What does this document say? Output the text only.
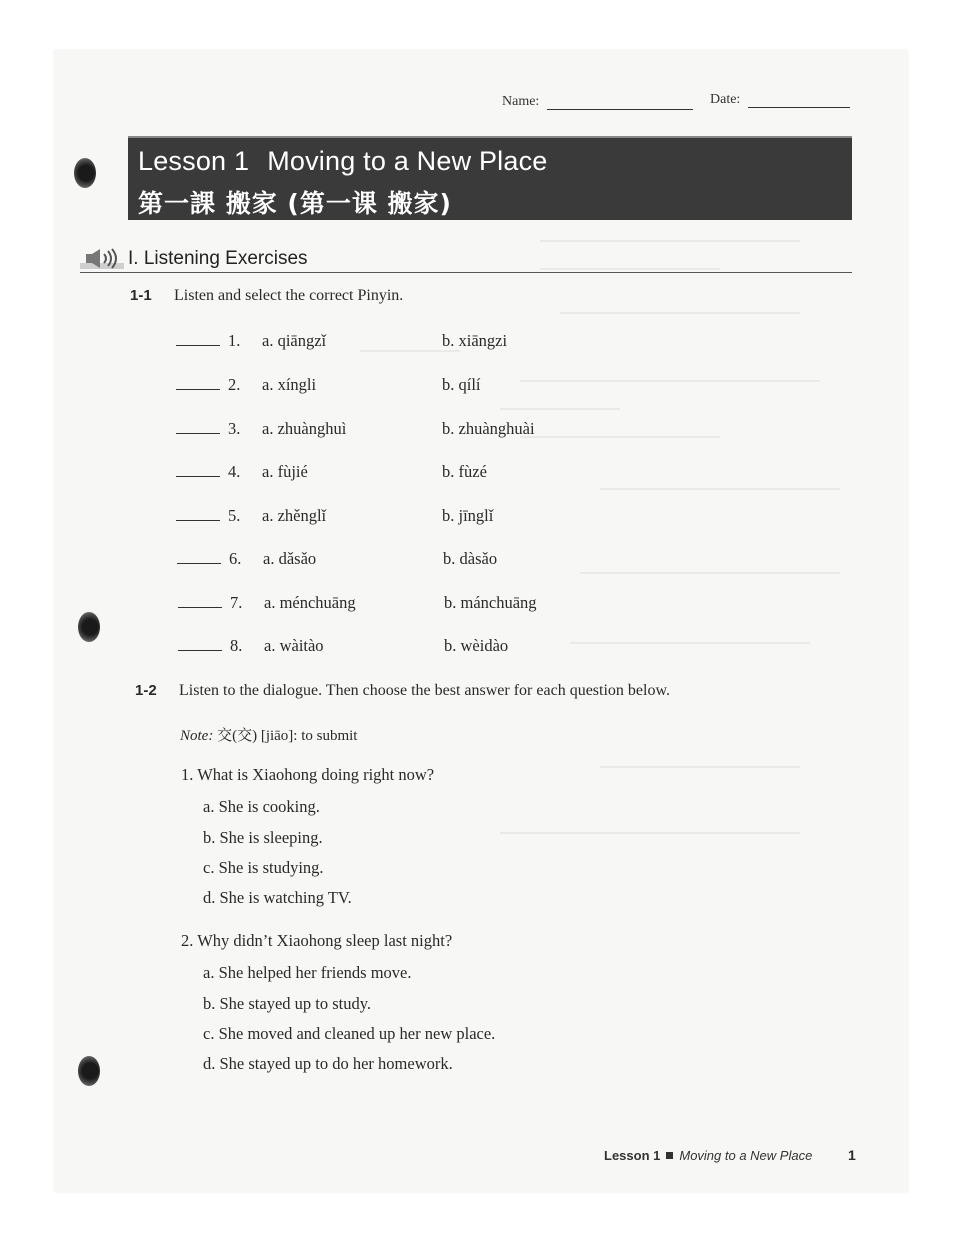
Name:	Date:
Lesson 1 Moving to a New Place
第一課 搬家 (第一课 搬家)
I. Listening Exercises
1-1 Listen and select the correct Pinyin.
1. a. qiāngzǐ	b. xiāngzi
2. a. xíngli	b. qílí
3. a. zhuànghuì	b. zhuànghuài
4. a. fùjié	b. fùzé
5. a. zhěnglǐ	b. jīnglǐ
6. a. dǎsǎo	b. dàsǎo
7. a. ménchuāng	b. mánchuāng
8. a. wàitào	b. wèidào
1-2 Listen to the dialogue. Then choose the best answer for each question below.
Note: 交(交) [jiāo]: to submit
1. What is Xiaohong doing right now?
a. She is cooking.
b. She is sleeping.
c. She is studying.
d. She is watching TV.
2. Why didn’t Xiaohong sleep last night?
a. She helped her friends move.
b. She stayed up to study.
c. She moved and cleaned up her new place.
d. She stayed up to do her homework.
Lesson 1 Moving to a New Place	1
